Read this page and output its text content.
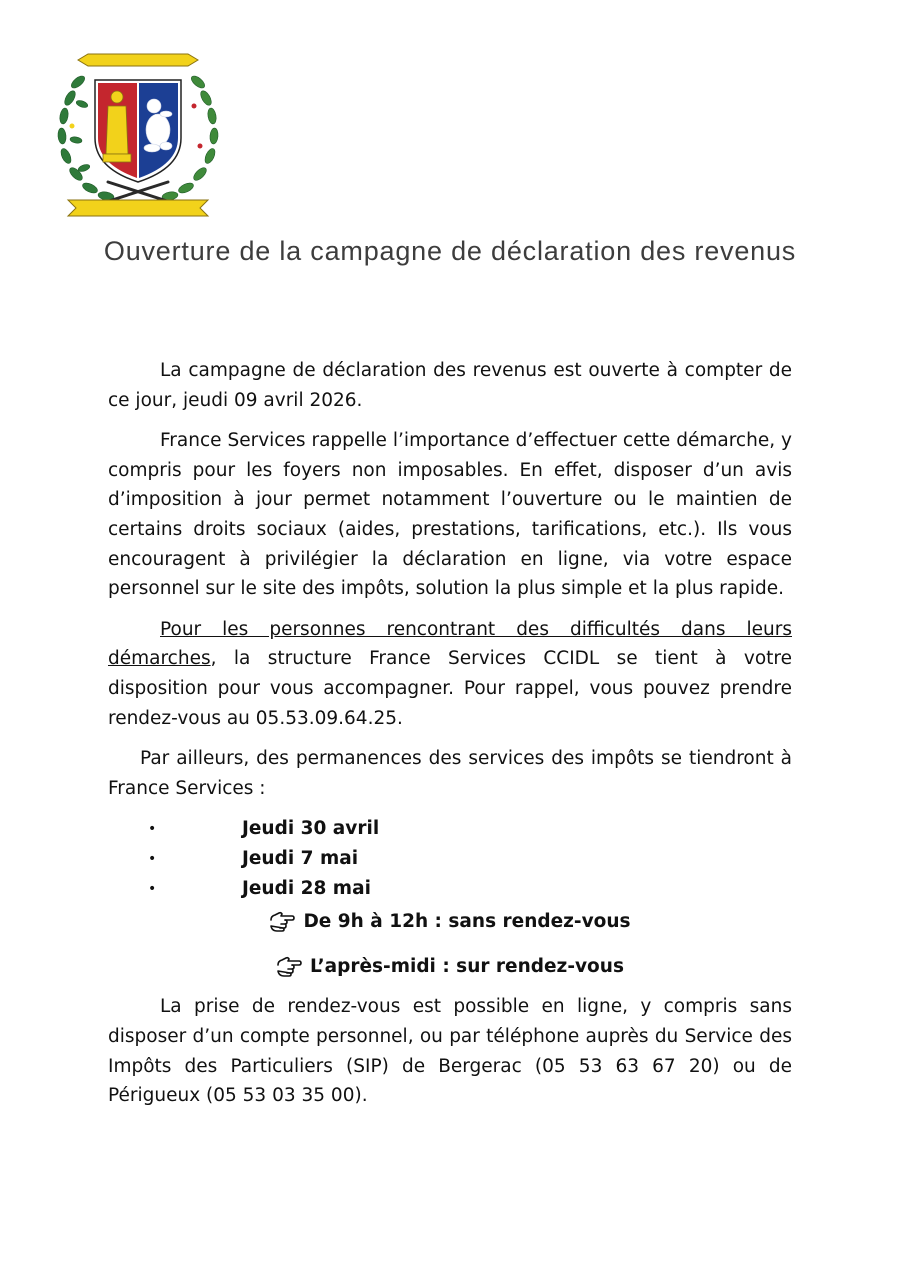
Ouverture de la campagne de déclaration des revenus

La campagne de déclaration des revenus est ouverte à compter de ce jour, jeudi 09 avril 2026.

France Services rappelle l’importance d’effectuer cette démarche, y compris pour les foyers non imposables. En effet, disposer d’un avis d’imposition à jour permet notamment l’ouverture ou le maintien de certains droits sociaux (aides, prestations, tarifications, etc.). Ils vous encouragent à privilégier la déclaration en ligne, via votre espace personnel sur le site des impôts, solution la plus simple et la plus rapide.

Pour les personnes rencontrant des difficultés dans leurs démarches, la structure France Services CCIDL se tient à votre disposition pour vous accompagner. Pour rappel, vous pouvez prendre rendez-vous au 05.53.09.64.25.

Par ailleurs, des permanences des services des impôts se tiendront à France Services :

•	Jeudi 30 avril
•	Jeudi 7 mai
•	Jeudi 28 mai
De 9h à 12h : sans rendez-vous
L’après-midi : sur rendez-vous

La prise de rendez-vous est possible en ligne, y compris sans disposer d’un compte personnel, ou par téléphone auprès du Service des Impôts des Particuliers (SIP) de Bergerac (05 53 63 67 20) ou de Périgueux (05 53 03 35 00).
